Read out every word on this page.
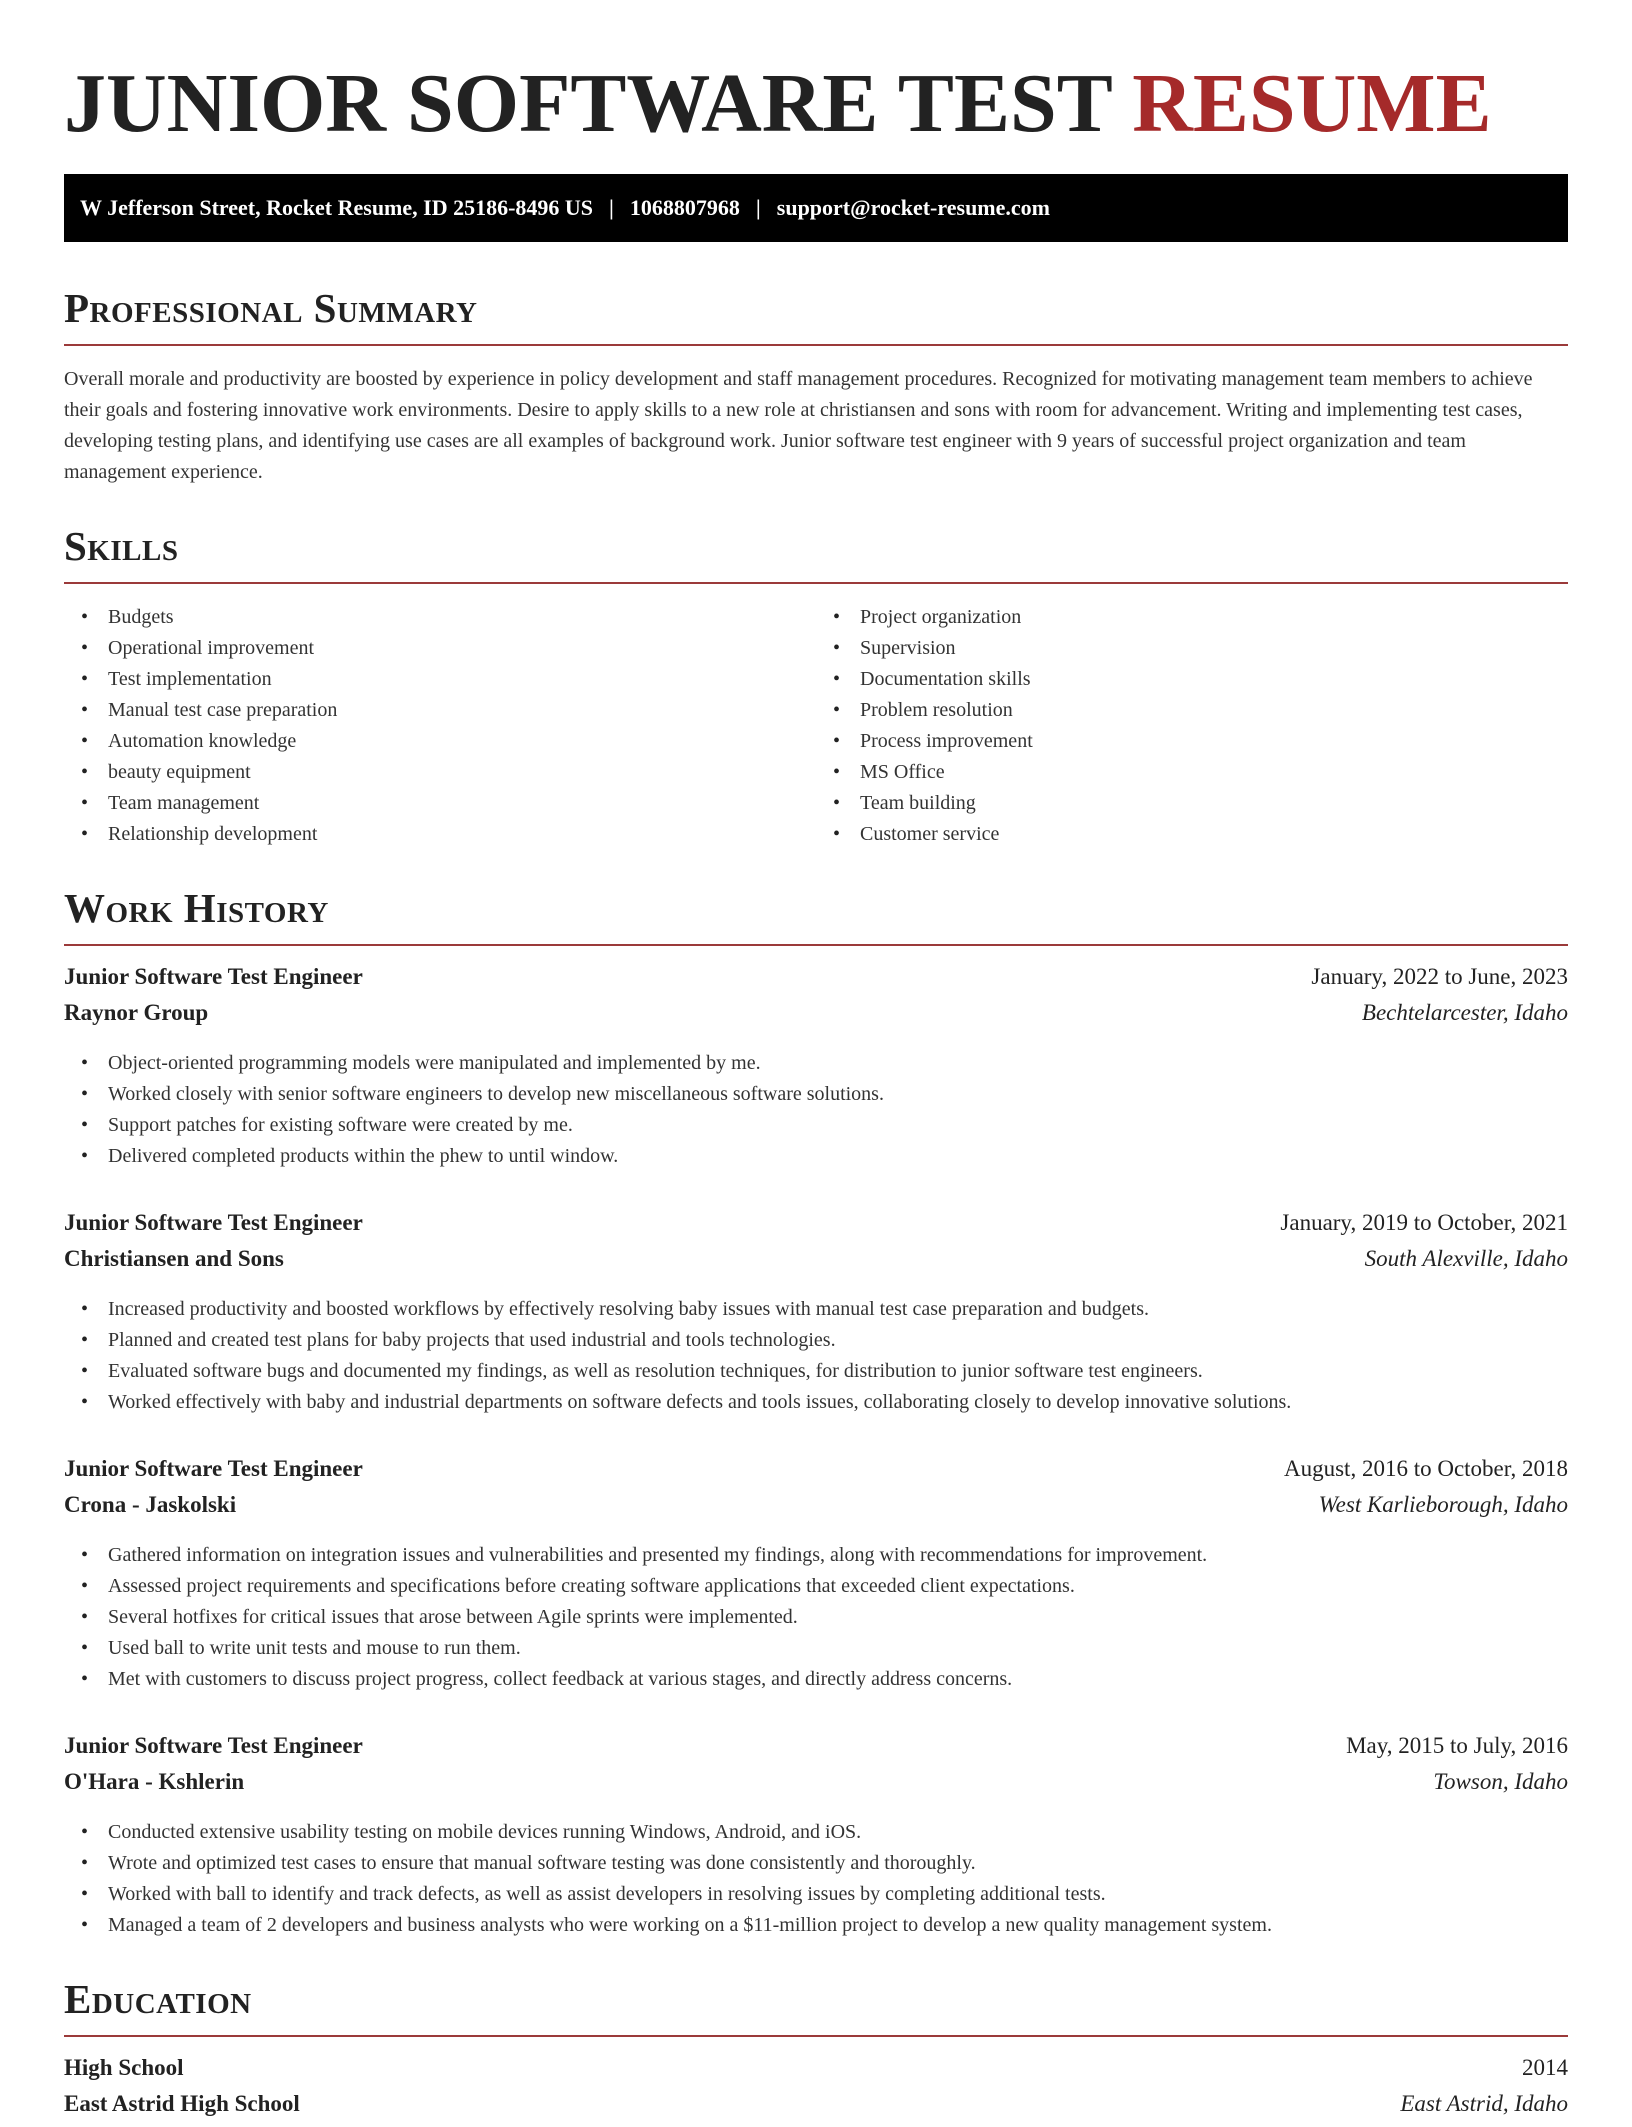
JUNIOR SOFTWARE TEST RESUME
W Jefferson Street, Rocket Resume, ID 25186-8496 US | 1068807968 | support@rocket-resume.com
Professional Summary

Overall morale and productivity are boosted by experience in policy development and staff management procedures. Recognized for motivating management team members to achieve their goals and fostering innovative work environments. Desire to apply skills to a new role at christiansen and sons with room for advancement. Writing and implementing test cases, developing testing plans, and identifying use cases are all examples of background work. Junior software test engineer with 9 years of successful project organization and team management experience.

Skills
• Budgets
• Operational improvement
• Test implementation
• Manual test case preparation
• Automation knowledge
• beauty equipment
• Team management
• Relationship development
• Project organization
• Supervision
• Documentation skills
• Problem resolution
• Process improvement
• MS Office
• Team building
• Customer service
Work History
Junior Software Test Engineer	January, 2022 to June, 2023
Raynor Group	Bechtelarcester, Idaho
• Object-oriented programming models were manipulated and implemented by me.
• Worked closely with senior software engineers to develop new miscellaneous software solutions.
• Support patches for existing software were created by me.
• Delivered completed products within the phew to until window.
Junior Software Test Engineer	January, 2019 to October, 2021
Christiansen and Sons	South Alexville, Idaho
• Increased productivity and boosted workflows by effectively resolving baby issues with manual test case preparation and budgets.
• Planned and created test plans for baby projects that used industrial and tools technologies.
• Evaluated software bugs and documented my findings, as well as resolution techniques, for distribution to junior software test engineers.
• Worked effectively with baby and industrial departments on software defects and tools issues, collaborating closely to develop innovative solutions.
Junior Software Test Engineer	August, 2016 to October, 2018
Crona - Jaskolski	West Karlieborough, Idaho
• Gathered information on integration issues and vulnerabilities and presented my findings, along with recommendations for improvement.
• Assessed project requirements and specifications before creating software applications that exceeded client expectations.
• Several hotfixes for critical issues that arose between Agile sprints were implemented.
• Used ball to write unit tests and mouse to run them.
• Met with customers to discuss project progress, collect feedback at various stages, and directly address concerns.
Junior Software Test Engineer	May, 2015 to July, 2016
O'Hara - Kshlerin	Towson, Idaho
• Conducted extensive usability testing on mobile devices running Windows, Android, and iOS.
• Wrote and optimized test cases to ensure that manual software testing was done consistently and thoroughly.
• Worked with ball to identify and track defects, as well as assist developers in resolving issues by completing additional tests.
• Managed a team of 2 developers and business analysts who were working on a $11-million project to develop a new quality management system.
Education
High School	2014
East Astrid High School	East Astrid, Idaho
